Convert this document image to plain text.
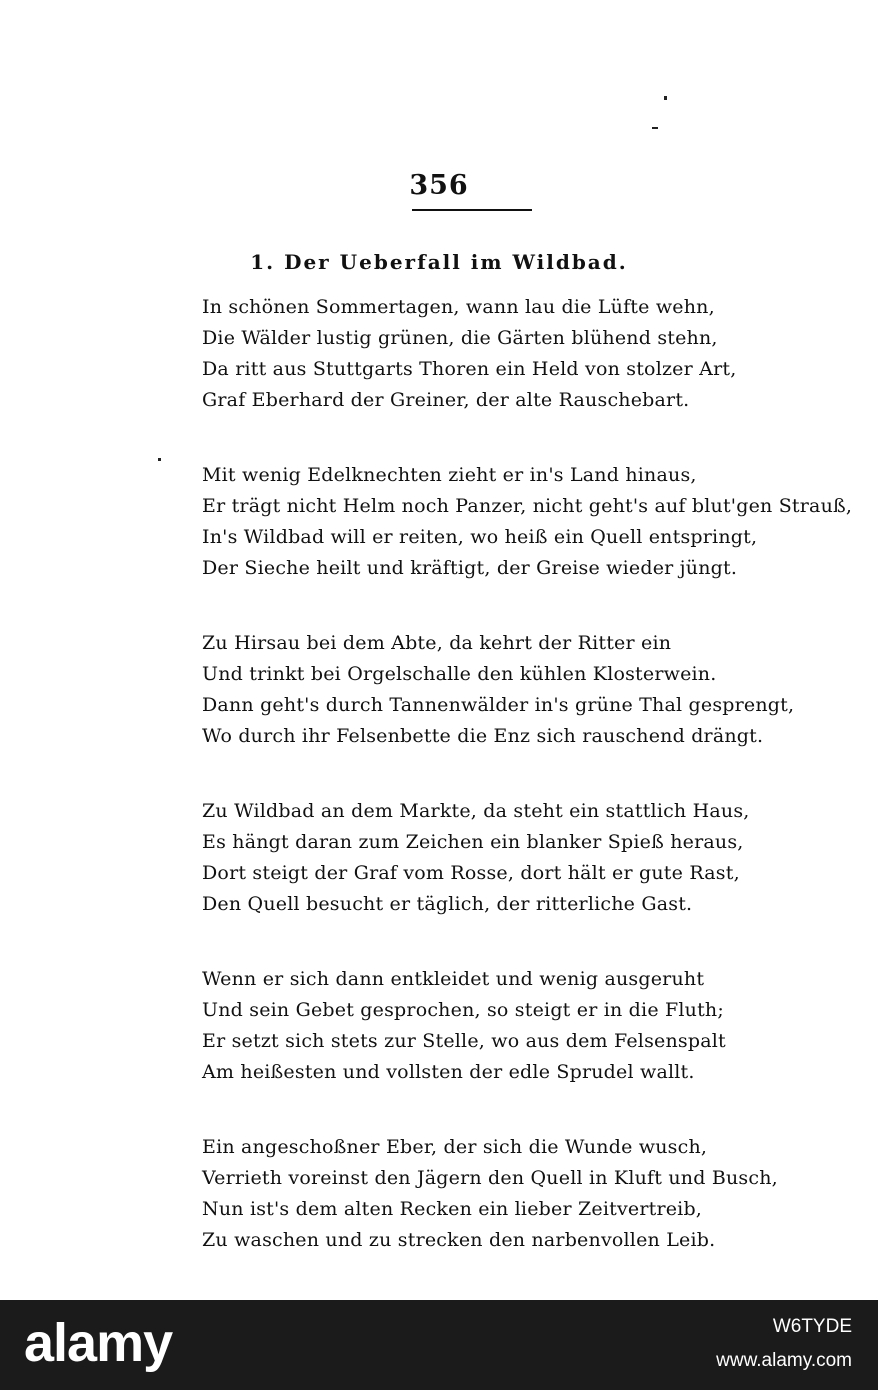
356
1. Der Ueberfall im Wildbad.
In schönen Sommertagen, wann lau die Lüfte wehn,
Die Wälder lustig grünen, die Gärten blühend stehn,
Da ritt aus Stuttgarts Thoren ein Held von stolzer Art,
Graf Eberhard der Greiner, der alte Rauschebart.
Mit wenig Edelknechten zieht er in's Land hinaus,
Er trägt nicht Helm noch Panzer, nicht geht's auf blut'gen Strauß,
In's Wildbad will er reiten, wo heiß ein Quell entspringt,
Der Sieche heilt und kräftigt, der Greise wieder jüngt.
Zu Hirsau bei dem Abte, da kehrt der Ritter ein
Und trinkt bei Orgelschalle den kühlen Klosterwein.
Dann geht's durch Tannenwälder in's grüne Thal gesprengt,
Wo durch ihr Felsenbette die Enz sich rauschend drängt.
Zu Wildbad an dem Markte, da steht ein stattlich Haus,
Es hängt daran zum Zeichen ein blanker Spieß heraus,
Dort steigt der Graf vom Rosse, dort hält er gute Rast,
Den Quell besucht er täglich, der ritterliche Gast.
Wenn er sich dann entkleidet und wenig ausgeruht
Und sein Gebet gesprochen, so steigt er in die Fluth;
Er setzt sich stets zur Stelle, wo aus dem Felsenspalt
Am heißesten und vollsten der edle Sprudel wallt.
Ein angeschoßner Eber, der sich die Wunde wusch,
Verrieth voreinst den Jägern den Quell in Kluft und Busch,
Nun ist's dem alten Recken ein lieber Zeitvertreib,
Zu waschen und zu strecken den narbenvollen Leib.
alamy	W6TYDE
www.alamy.com
